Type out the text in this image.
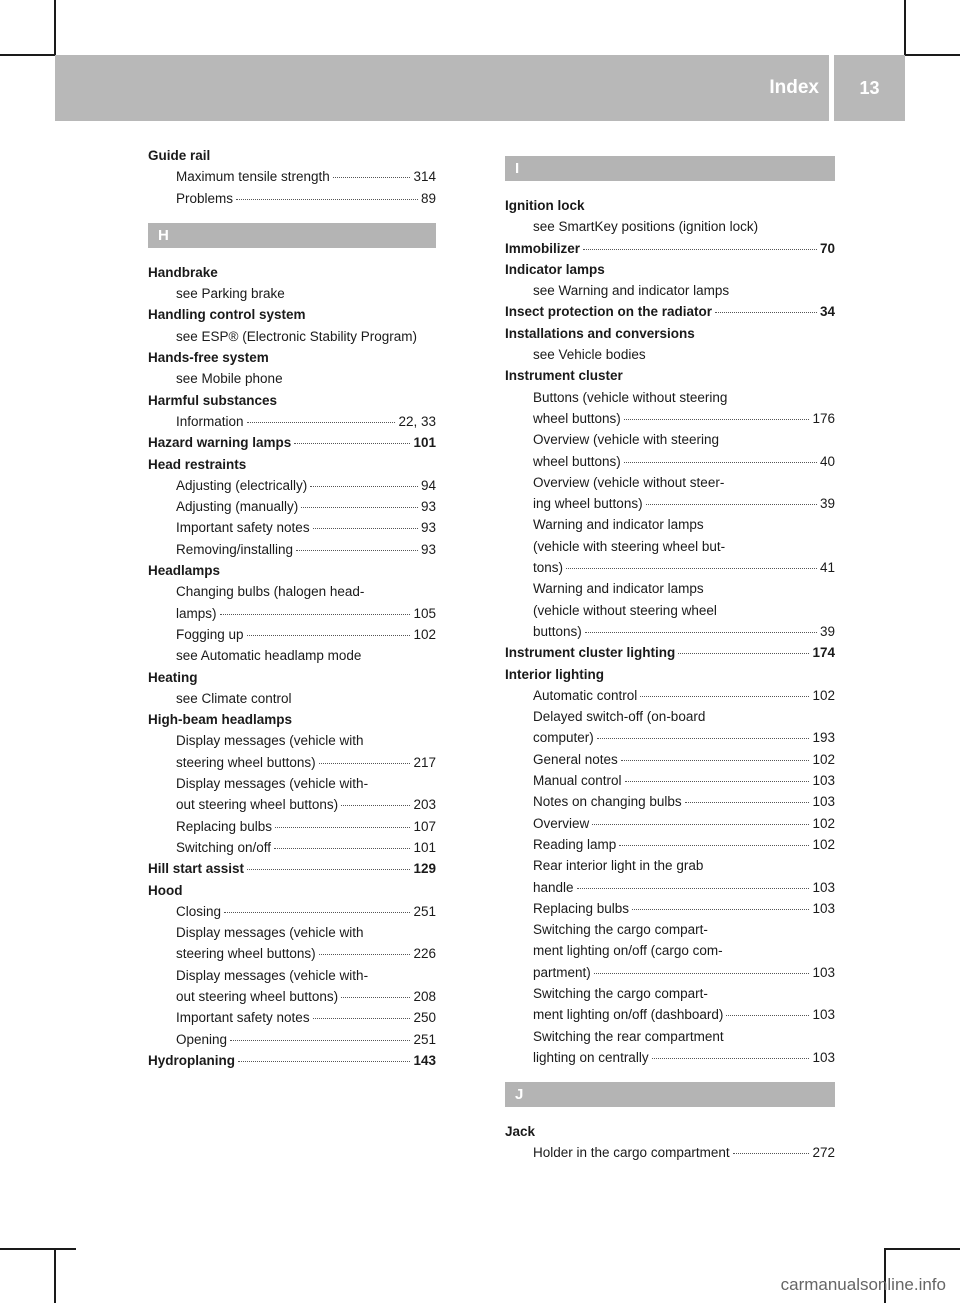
Index	13
Guide rail
Maximum tensile strength	314
Problems	89
H
Handbrake
see Parking brake
Handling control system
see ESP® (Electronic Stability Program)
Hands-free system
see Mobile phone
Harmful substances
Information	22, 33
Hazard warning lamps	101
Head restraints
Adjusting (electrically)	94
Adjusting (manually)	93
Important safety notes	93
Removing/installing	93
Headlamps
Changing bulbs (halogen head-
lamps)	105
Fogging up	102
see Automatic headlamp mode
Heating
see Climate control
High-beam headlamps
Display messages (vehicle with
steering wheel buttons)	217
Display messages (vehicle with-
out steering wheel buttons)	203
Replacing bulbs	107
Switching on/off	101
Hill start assist	129
Hood
Closing	251
Display messages (vehicle with
steering wheel buttons)	226
Display messages (vehicle with-
out steering wheel buttons)	208
Important safety notes	250
Opening	251
Hydroplaning	143
I
Ignition lock
see SmartKey positions (ignition lock)
Immobilizer	70
Indicator lamps
see Warning and indicator lamps
Insect protection on the radiator	34
Installations and conversions
see Vehicle bodies
Instrument cluster
Buttons (vehicle without steering
wheel buttons)	176
Overview (vehicle with steering
wheel buttons)	40
Overview (vehicle without steer-
ing wheel buttons)	39
Warning and indicator lamps
(vehicle with steering wheel but-
tons)	41
Warning and indicator lamps
(vehicle without steering wheel
buttons)	39
Instrument cluster lighting	174
Interior lighting
Automatic control	102
Delayed switch-off (on-board
computer)	193
General notes	102
Manual control	103
Notes on changing bulbs	103
Overview	102
Reading lamp	102
Rear interior light in the grab
handle	103
Replacing bulbs	103
Switching the cargo compart-
ment lighting on/off (cargo com-
partment)	103
Switching the cargo compart-
ment lighting on/off (dashboard)	103
Switching the rear compartment
lighting on centrally	103
J
Jack
Holder in the cargo compartment	272
carmanualsonline.info
